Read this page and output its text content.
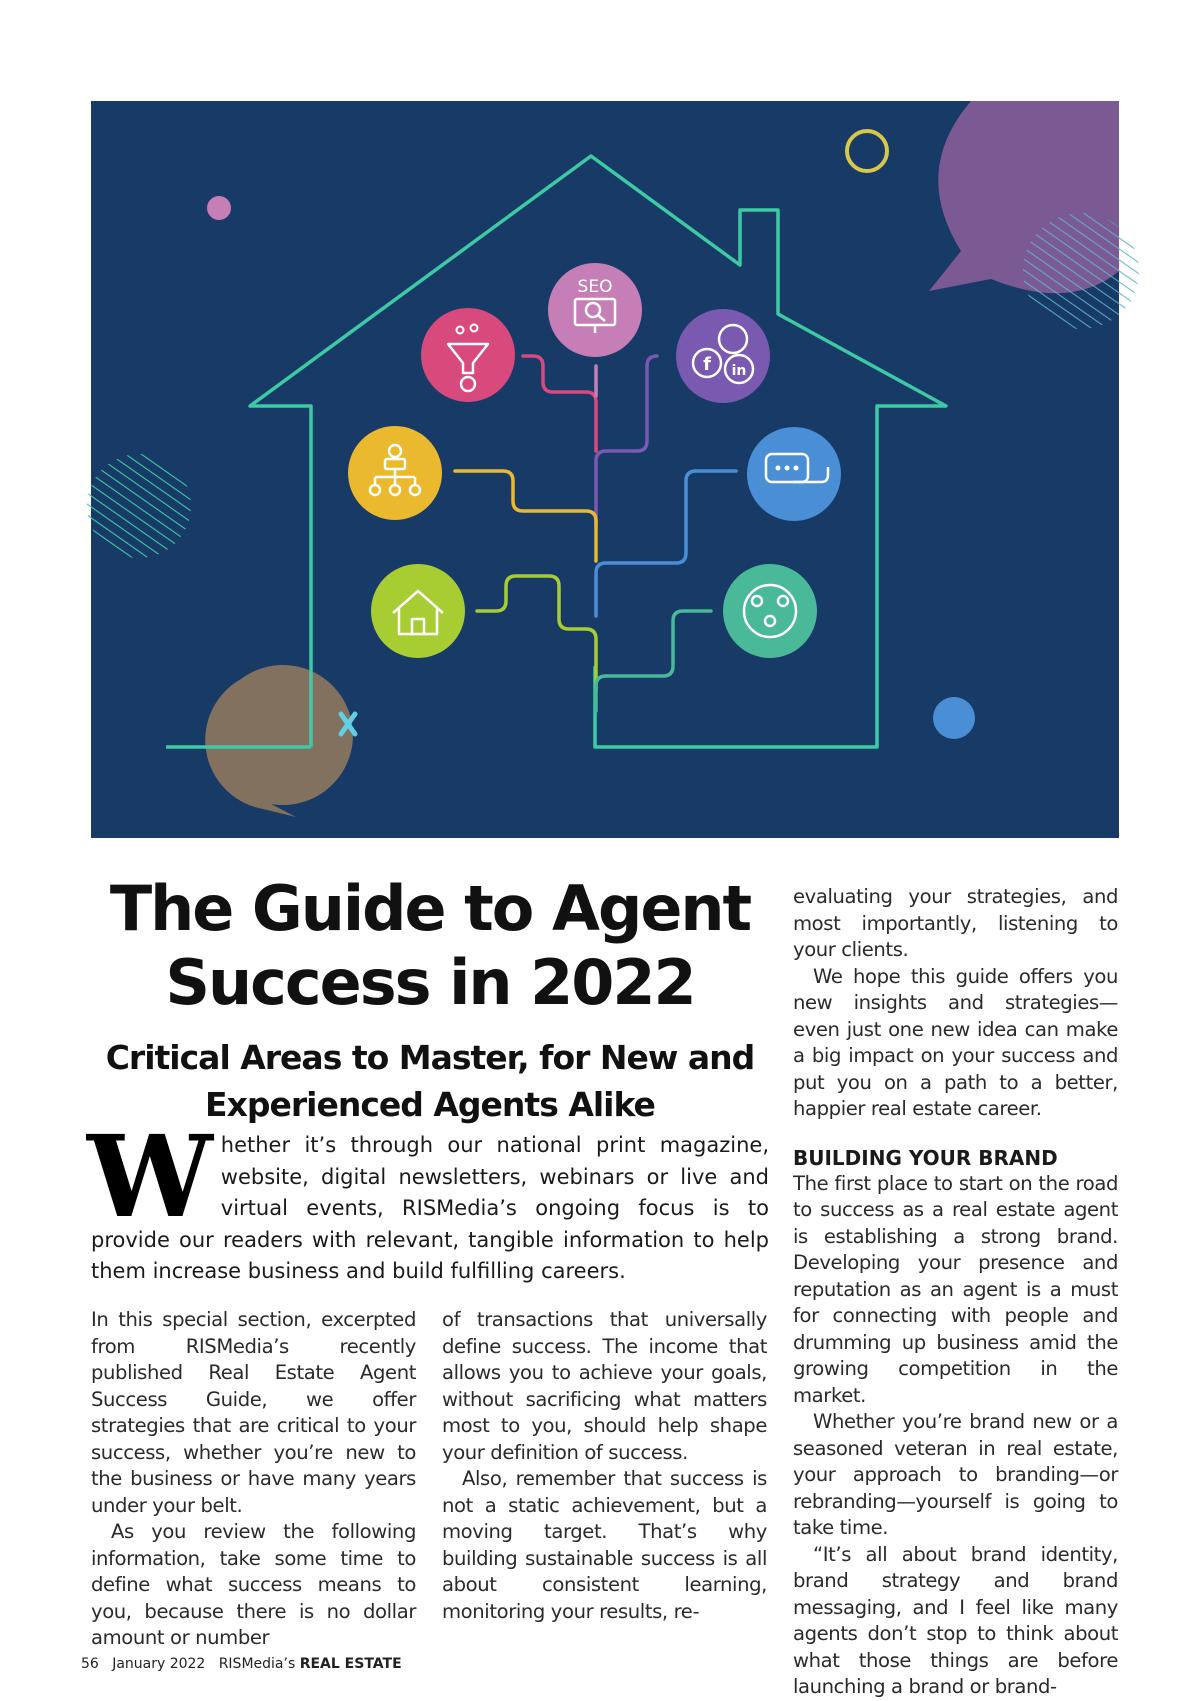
SEO
f in
The Guide to Agent Success in 2022
Critical Areas to Master, for New and Experienced Agents Alike
Whether it’s through our national print magazine, website, digital newsletters, webinars or live and virtual events, RISMedia’s ongoing focus is to provide our readers with relevant, tangible information to help them increase business and build fulfilling careers.

In this special section, excerpted from RISMedia’s recently published Real Estate Agent Success Guide, we offer strategies that are critical to your success, whether you’re new to the business or have many years under your belt.

As you review the following information, take some time to define what success means to you, because there is no dollar amount or number

of transactions that universally define success. The income that allows you to achieve your goals, without sacrificing what matters most to you, should help shape your definition of success.

Also, remember that success is not a static achievement, but a moving target. That’s why building sustainable success is all about consistent learning, monitoring your results, re-

evaluating your strategies, and most importantly, listening to your clients.

We hope this guide offers you new insights and strategies—even just one new idea can make a big impact on your success and put you on a path to a better, happier real estate career.

BUILDING YOUR BRAND

The first place to start on the road to success as a real estate agent is establishing a strong brand. Developing your presence and reputation as an agent is a must for connecting with people and drumming up business amid the growing competition in the market.

Whether you’re brand new or a seasoned veteran in real estate, your approach to branding—or rebranding—yourself is going to take time.

“It’s all about brand identity, brand strategy and brand messaging, and I feel like many agents don’t stop to think about what those things are before launching a brand or brand-

56 January 2022 RISMedia’s REAL ESTATE
